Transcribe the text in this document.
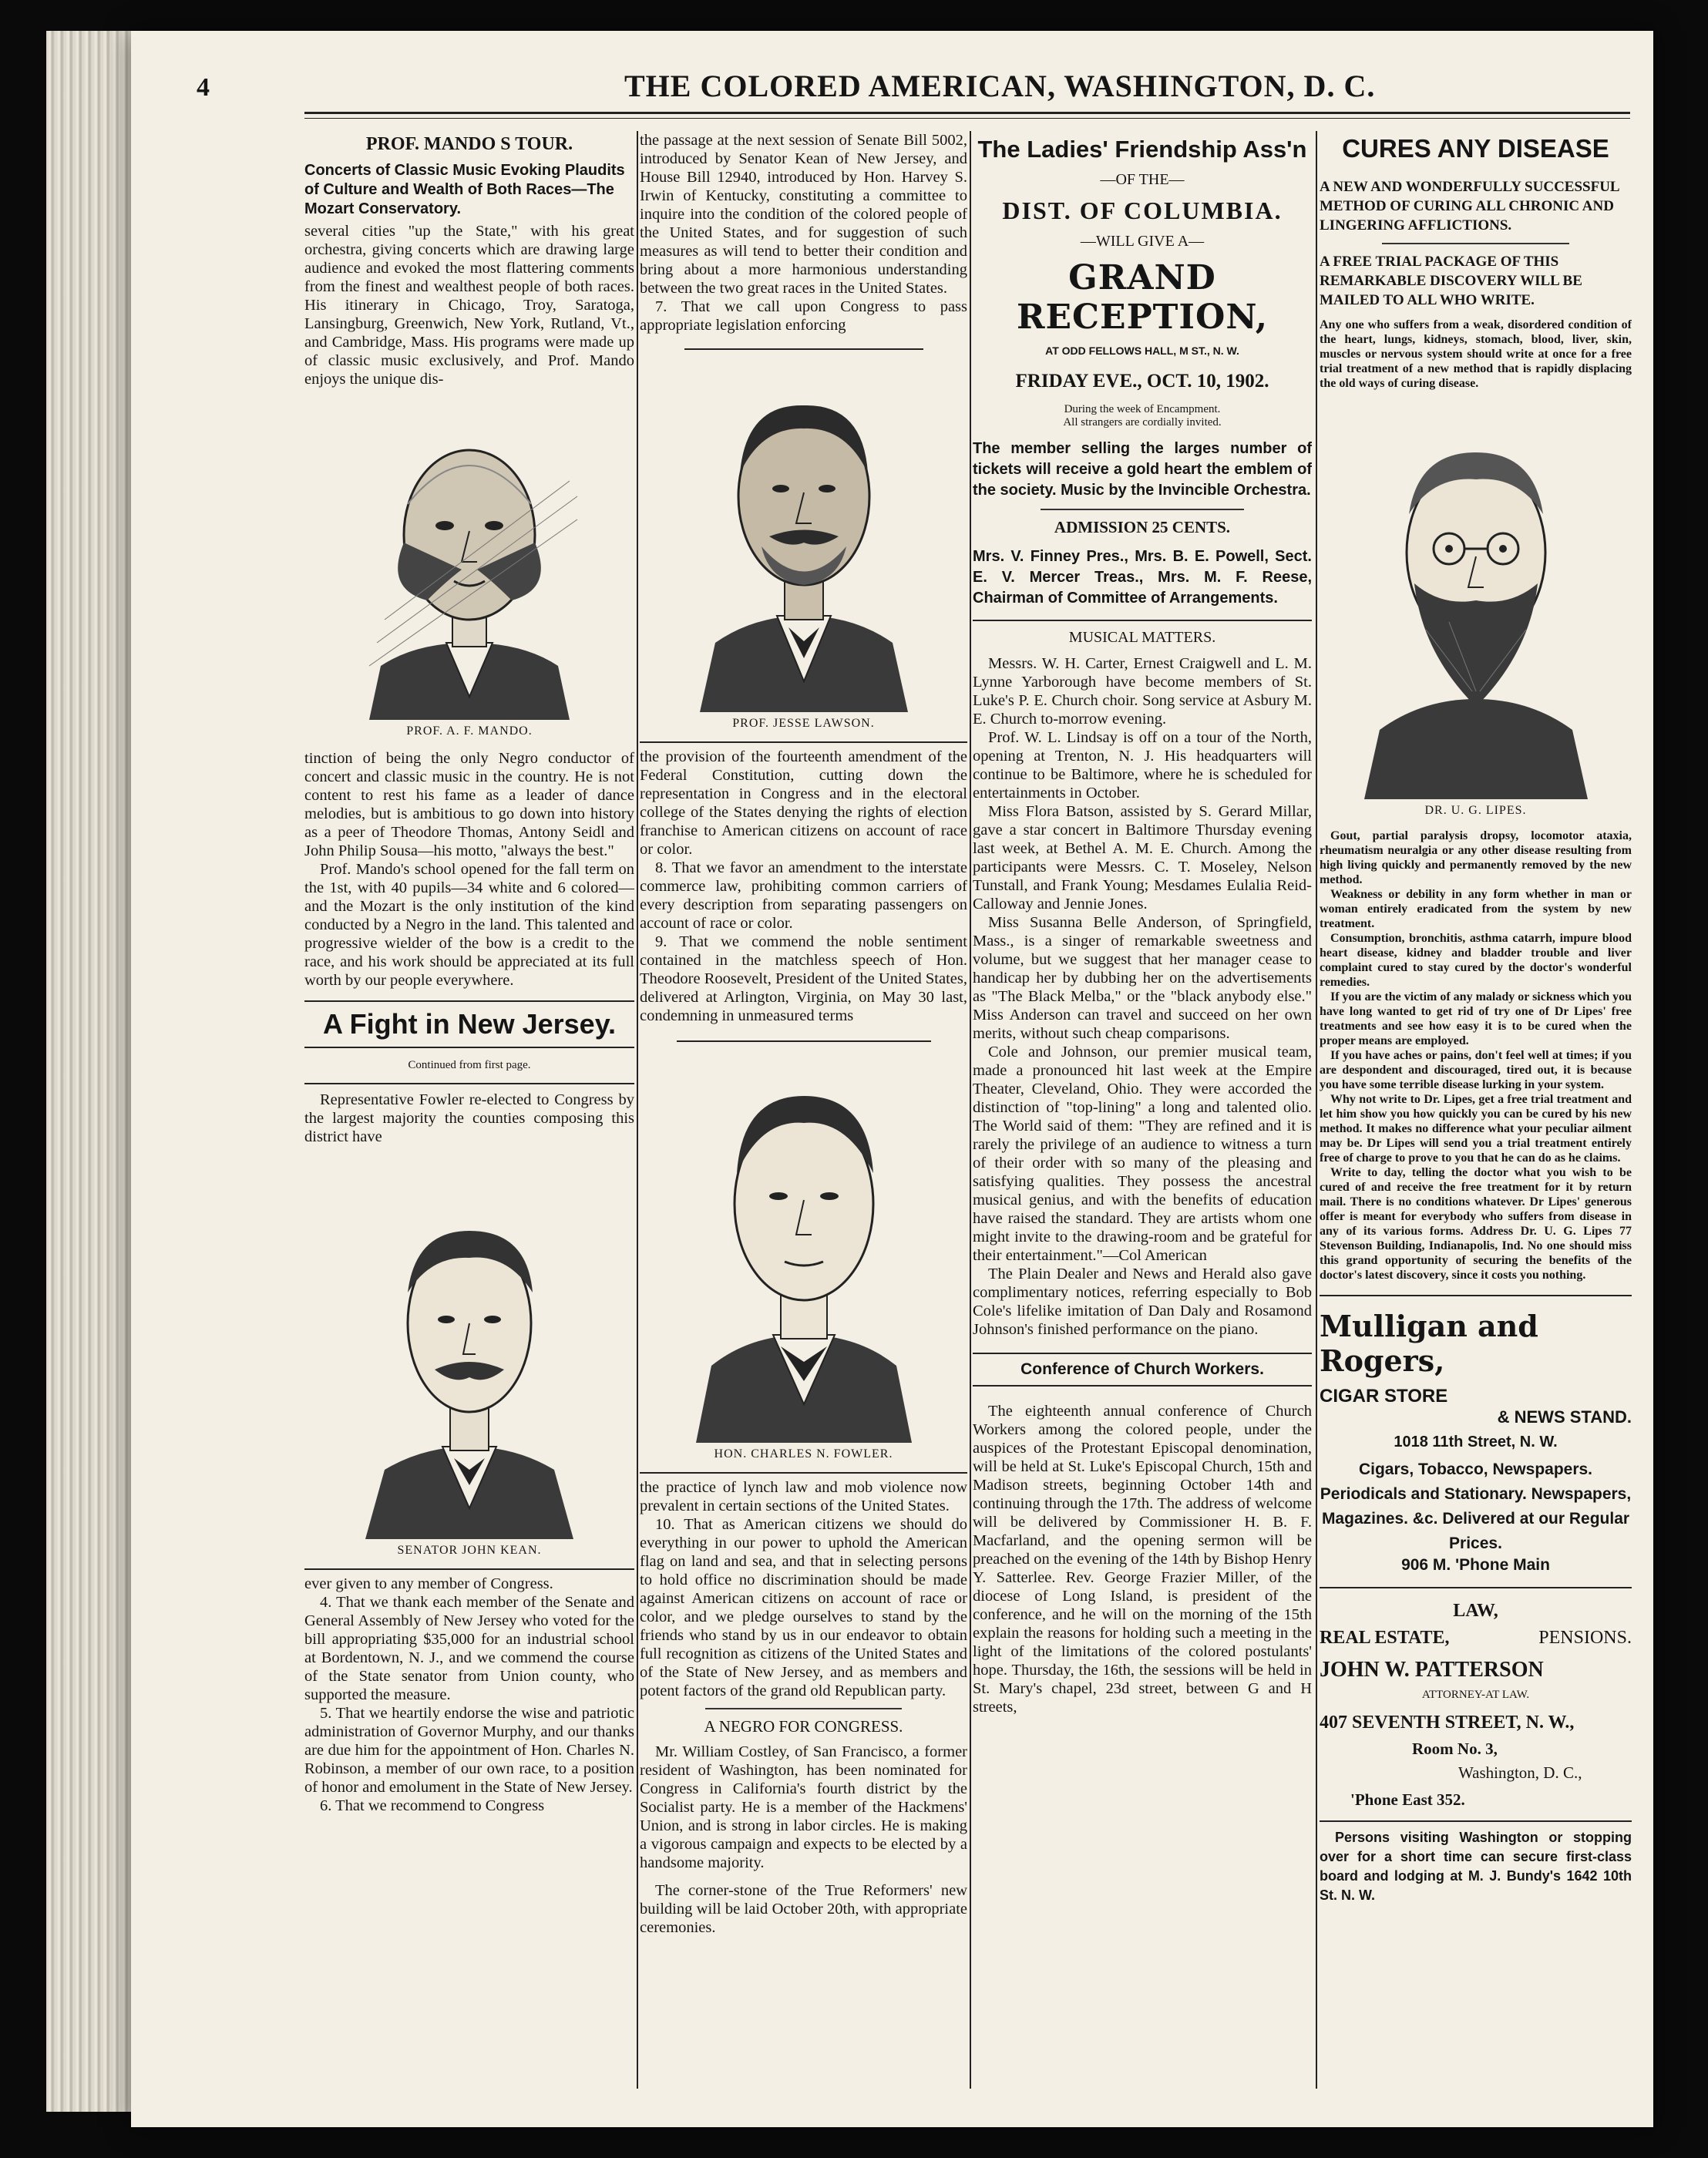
4	THE COLORED AMERICAN, WASHINGTON, D. C.
PROF. MANDO S TOUR.
Concerts of Classic Music Evoking Plaudits of Culture and Wealth of Both Races—The Mozart Conservatory.

several cities "up the State," with his great orchestra, giving concerts which are drawing large audience and evoked the most flattering comments from the finest and wealthest people of both races. His itinerary in Chicago, Troy, Saratoga, Lansingburg, Greenwich, New York, Rutland, Vt., and Cambridge, Mass. His programs were made up of classic music exclusively, and Prof. Mando enjoys the unique dis-

PROF. A. F. MANDO.

tinction of being the only Negro conductor of concert and classic music in the country. He is not content to rest his fame as a leader of dance melodies, but is ambitious to go down into history as a peer of Theodore Thomas, Antony Seidl and John Philip Sousa—his motto, "always the best."

Prof. Mando's school opened for the fall term on the 1st, with 40 pupils—34 white and 6 colored—and the Mozart is the only institution of the kind conducted by a Negro in the land. This talented and progressive wielder of the bow is a credit to the race, and his work should be appreciated at its full worth by our people everywhere.

A Fight in New Jersey.
Continued from first page.

Representative Fowler re-elected to Congress by the largest majority the counties composing this district have

SENATOR JOHN KEAN.

ever given to any member of Congress.

4. That we thank each member of the Senate and General Assembly of New Jersey who voted for the bill appropriating $35,000 for an industrial school at Bordentown, N. J., and we commend the course of the State senator from Union county, who supported the measure.

5. That we heartily endorse the wise and patriotic administration of Governor Murphy, and our thanks are due him for the appointment of Hon. Charles N. Robinson, a member of our own race, to a position of honor and emolument in the State of New Jersey.

6. That we recommend to Congress

the passage at the next session of Senate Bill 5002, introduced by Senator Kean of New Jersey, and House Bill 12940, introduced by Hon. Harvey S. Irwin of Kentucky, constituting a committee to inquire into the condition of the colored people of the United States, and for suggestion of such measures as will tend to better their condition and bring about a more harmonious understanding between the two great races in the United States.

7. That we call upon Congress to pass appropriate legislation enforcing

PROF. JESSE LAWSON.

the provision of the fourteenth amendment of the Federal Constitution, cutting down the representation in Congress and in the electoral college of the States denying the rights of election franchise to American citizens on account of race or color.

8. That we favor an amendment to the interstate commerce law, prohibiting common carriers of every description from separating passengers on account of race or color.

9. That we commend the noble sentiment contained in the matchless speech of Hon. Theodore Roosevelt, President of the United States, delivered at Arlington, Virginia, on May 30 last, condemning in unmeasured terms

HON. CHARLES N. FOWLER.

the practice of lynch law and mob violence now prevalent in certain sections of the United States.

10. That as American citizens we should do everything in our power to uphold the American flag on land and sea, and that in selecting persons to hold office no discrimination should be made against American citizens on account of race or color, and we pledge ourselves to stand by the friends who stand by us in our endeavor to obtain full recognition as citizens of the United States and of the State of New Jersey, and as members and potent factors of the grand old Republican party.

A NEGRO FOR CONGRESS.

Mr. William Costley, of San Francisco, a former resident of Washington, has been nominated for Congress in California's fourth district by the Socialist party. He is a member of the Hackmens' Union, and is strong in labor circles. He is making a vigorous campaign and expects to be elected by a handsome majority.

The corner-stone of the True Reformers' new building will be laid October 20th, with appropriate ceremonies.

The Ladies' Friendship Ass'n
—OF THE—
DIST. OF COLUMBIA.
—WILL GIVE A—
GRAND RECEPTION,
AT ODD FELLOWS HALL, M ST., N. W.
FRIDAY EVE., OCT. 10, 1902.
During the week of Encampment.
All strangers are cordially invited.

The member selling the larges number of tickets will receive a gold heart the emblem of the society. Music by the Invincible Orchestra.

ADMISSION 25 CENTS.

Mrs. V. Finney Pres., Mrs. B. E. Powell, Sect. E. V. Mercer Treas., Mrs. M. F. Reese, Chairman of Committee of Arrangements.

MUSICAL MATTERS.

Messrs. W. H. Carter, Ernest Craigwell and L. M. Lynne Yarborough have become members of St. Luke's P. E. Church choir. Song service at Asbury M. E. Church to-morrow evening.

Prof. W. L. Lindsay is off on a tour of the North, opening at Trenton, N. J. His headquarters will continue to be Baltimore, where he is scheduled for entertainments in October.

Miss Flora Batson, assisted by S. Gerard Millar, gave a star concert in Baltimore Thursday evening last week, at Bethel A. M. E. Church. Among the participants were Messrs. C. T. Moseley, Nelson Tunstall, and Frank Young; Mesdames Eulalia Reid-Calloway and Jennie Jones.

Miss Susanna Belle Anderson, of Springfield, Mass., is a singer of remarkable sweetness and volume, but we suggest that her manager cease to handicap her by dubbing her on the advertisements as "The Black Melba," or the "black anybody else." Miss Anderson can travel and succeed on her own merits, without such cheap comparisons.

Cole and Johnson, our premier musical team, made a pronounced hit last week at the Empire Theater, Cleveland, Ohio. They were accorded the distinction of "top-lining" a long and talented olio. The World said of them: "They are refined and it is rarely the privilege of an audience to witness a turn of their order with so many of the pleasing and satisfying qualities. They possess the ancestral musical genius, and with the benefits of education have raised the standard. They are artists whom one might invite to the drawing-room and be grateful for their entertainment."—Col American

The Plain Dealer and News and Herald also gave complimentary notices, referring especially to Bob Cole's lifelike imitation of Dan Daly and Rosamond Johnson's finished performance on the piano.

Conference of Church Workers.

The eighteenth annual conference of Church Workers among the colored people, under the auspices of the Protestant Episcopal denomination, will be held at St. Luke's Episcopal Church, 15th and Madison streets, beginning October 14th and continuing through the 17th. The address of welcome will be delivered by Commissioner H. B. F. Macfarland, and the opening sermon will be preached on the evening of the 14th by Bishop Henry Y. Satterlee. Rev. George Frazier Miller, of the diocese of Long Island, is president of the conference, and he will on the morning of the 15th explain the reasons for holding such a meeting in the light of the limitations of the colored postulants' hope. Thursday, the 16th, the sessions will be held in St. Mary's chapel, 23d street, between G and H streets,

CURES ANY DISEASE
A NEW AND WONDERFULLY SUCCESSFUL METHOD OF CURING ALL CHRONIC AND LINGERING AFFLICTIONS.
A FREE TRIAL PACKAGE OF THIS REMARKABLE DISCOVERY WILL BE MAILED TO ALL WHO WRITE.

Any one who suffers from a weak, disordered condition of the heart, lungs, kidneys, stomach, blood, liver, skin, muscles or nervous system should write at once for a free trial treatment of a new method that is rapidly displacing the old ways of curing disease.

DR. U. G. LIPES.

Gout, partial paralysis dropsy, locomotor ataxia, rheumatism neuralgia or any other disease resulting from high living quickly and permanently removed by the new method.

Weakness or debility in any form whether in man or woman entirely eradicated from the system by new treatment.

Consumption, bronchitis, asthma catarrh, impure blood heart disease, kidney and bladder trouble and liver complaint cured to stay cured by the doctor's wonderful remedies.

If you are the victim of any malady or sickness which you have long wanted to get rid of try one of Dr Lipes' free treatments and see how easy it is to be cured when the proper means are employed.

If you have aches or pains, don't feel well at times; if you are despondent and discouraged, tired out, it is because you have some terrible disease lurking in your system.

Why not write to Dr. Lipes, get a free trial treatment and let him show you how quickly you can be cured by his new method. It makes no difference what your peculiar ailment may be. Dr Lipes will send you a trial treatment entirely free of charge to prove to you that he can do as he claims.

Write to day, telling the doctor what you wish to be cured of and receive the free treatment for it by return mail. There is no conditions whatever. Dr Lipes' generous offer is meant for everybody who suffers from disease in any of its various forms. Address Dr. U. G. Lipes 77 Stevenson Building, Indianapolis, Ind. No one should miss this grand opportunity of securing the benefits of the doctor's latest discovery, since it costs you nothing.

Mulligan and Rogers,
CIGAR STORE
& NEWS STAND.
1018 11th Street, N. W.
Cigars, Tobacco, Newspapers. Periodicals and Stationary. Newspapers, Magazines. &c. Delivered at our Regular Prices.
906 M. 'Phone Main
LAW,
REAL ESTATE,	PENSIONS.
JOHN W. PATTERSON
ATTORNEY-AT LAW.
407 SEVENTH STREET, N. W.,
Room No. 3,
Washington, D. C.,
'Phone East 352.

Persons visiting Washington or stopping over for a short time can secure first-class board and lodging at M. J. Bundy's 1642 10th St. N. W.
